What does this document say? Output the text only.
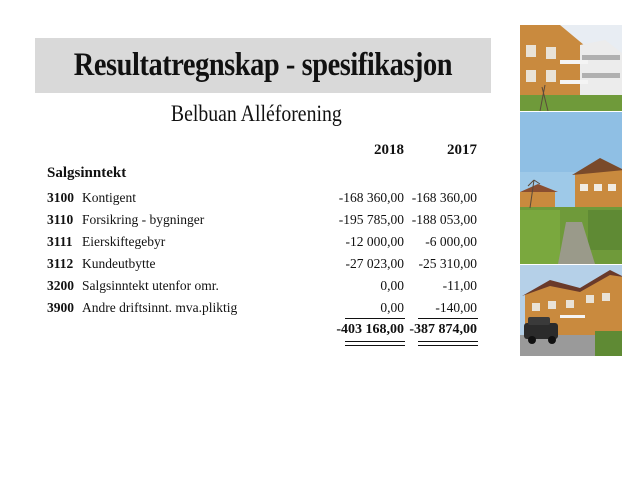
Resultatregnskap - spesifikasjon
Belbuan Alléforening
2018	2017
Salgsinntekt
3100 Kontigent	-168 360,00 -168 360,00
3110 Forsikring - bygninger	-195 785,00 -188 053,00
3111 Eierskiftegebyr	-12 000,00 -6 000,00
3112 Kundeutbytte	-27 023,00 -25 310,00
3200 Salgsinntekt utenfor omr.	0,00	-11,00
3900 Andre driftsinnt. mva.pliktig	0,00 -140,00
-403 168,00 -387 874,00
